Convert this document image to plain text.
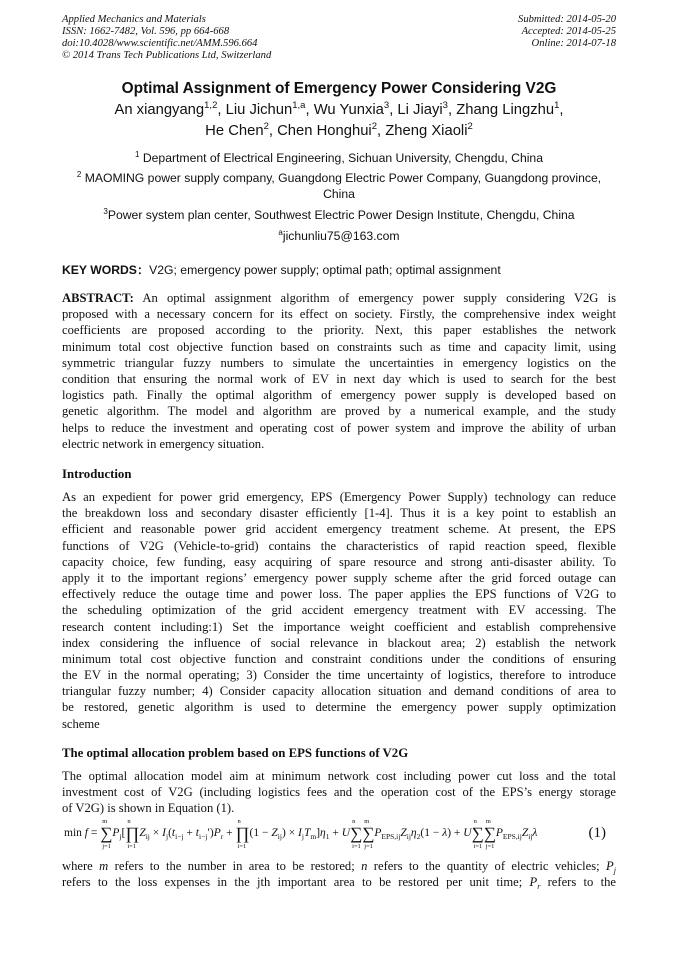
Applied Mechanics and Materials
ISSN: 1662-7482, Vol. 596, pp 664-668
doi:10.4028/www.scientific.net/AMM.596.664
© 2014 Trans Tech Publications Ltd, Switzerland
Submitted: 2014-05-20
Accepted: 2014-05-25
Online: 2014-07-18
Optimal Assignment of Emergency Power Considering V2G
An xiangyang$^{1,2}$, Liu Jichun$^{1,a}$, Wu Yunxia$^3$, Li Jiayi$^3$, Zhang Lingzhu$^1$,
He Chen$^2$, Chen Honghui$^2$, Zheng Xiaoli$^2$
$^1$ Department of Electrical Engineering, Sichuan University, Chengdu, China
$^2$ MAOMING power supply company, Guangdong Electric Power Company, Guangdong province,
China
$^3$Power system plan center, Southwest Electric Power Design Institute, Chengdu, China
$^a$jichunliu75@163.com
KEY WORDS：V2G; emergency power supply; optimal path; optimal assignment
ABSTRACT: An optimal assignment algorithm of emergency power supply considering V2G is
proposed with a necessary concern for its effect on society. Firstly, the comprehensive index weight
coefficients are proposed according to the priority. Next, this paper establishes the network
minimum total cost objective function based on constraints such as time and capacity limit, using
symmetric triangular fuzzy numbers to simulate the uncertainties in emergency logistics on the
condition that ensuring the normal work of EV in next day which is used to search for the best
logistics path. Finally the optimal algorithm of emergency power supply is developed based on
genetic algorithm. The model and algorithm are proved by a numerical example, and the study
helps to reduce the investment and operating cost of power system and improve the ability of urban
electric network in emergency situation.
Introduction
As an expedient for power grid emergency, EPS (Emergency Power Supply) technology can reduce
the breakdown loss and secondary disaster efficiently [1-4]. Thus it is a key point to establish an
efficient and reasonable power grid accident emergency treatment scheme. At present, the EPS
functions of V2G (Vehicle-to-grid) contains the characteristics of rapid reaction speed, flexible
capacity choice, few funding, easy acquiring of spare resource and strong anti-disaster ability. To
apply it to the important regions’ emergency power supply scheme after the grid forced outage can
effectively reduce the outage time and power loss. The paper applies the EPS functions of V2G to
the scheduling optimization of the grid accident emergency treatment with EV accessing. The
research content including:1) Set the importance weight coefficient and establish comprehensive
index considering the influence of social relevance in blackout area; 2) establish the network
minimum total cost objective function and constraint conditions under the conditions of ensuring
the EV in the normal operating; 3) Consider the time uncertainty of logistics, therefore to introduce
triangular fuzzy number; 4) Consider capacity allocation situation and demand conditions of area to
be restored, genetic algorithm is used to determine the emergency power supply optimization
scheme
The optimal allocation problem based on EPS functions of V2G
The optimal allocation model aim at minimum network cost including power cut loss and the total
investment cost of V2G (including logistics fees and the operation cost of the EPS’s energy storage
of V2G) is shown in Equation (1).
min f = ∑
m
j=1
$P_j[\prod$
n
i=1
$Z_{ij} \times I_j(t_{i-j} + t_{i-j}')P_r$ + ∏
n
i=1
$(1 - Z_{ij}) \times I_jT_m]\eta_1 + U\sum$
n
i=1
∑
m
j=1
$P_{EPS,ij}Z_{ij}\eta_2(1 - \lambda) + U\sum$
n
i=1
∑
m
j=1
$P_{EPS,ij}Z_{ij}\lambda$	(1)
where m refers to the number in area to be restored; n refers to the quantity of electric vehicles; $P_j$
refers to the loss expenses in the jth important area to be restored per unit time; $P_r$ refers to the
